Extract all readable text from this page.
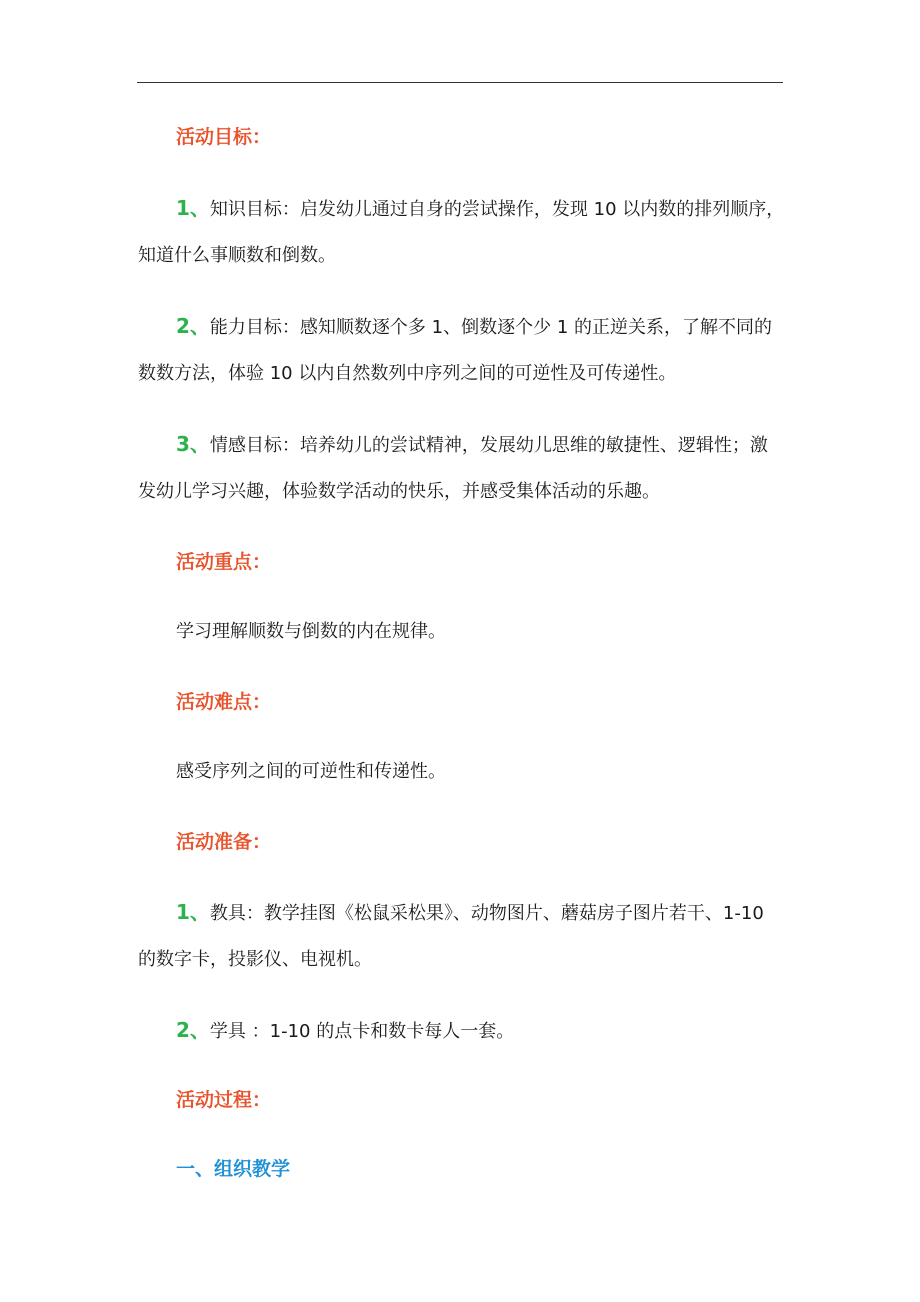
活动目标：
1、知识目标：启发幼儿通过自身的尝试操作，发现 10 以内数的排列顺序，
知道什么事顺数和倒数。
2、能力目标：感知顺数逐个多 1、倒数逐个少 1 的正逆关系，了解不同的
数数方法，体验 10 以内自然数列中序列之间的可逆性及可传递性。
3、情感目标：培养幼儿的尝试精神，发展幼儿思维的敏捷性、逻辑性；激
发幼儿学习兴趣，体验数学活动的快乐，并感受集体活动的乐趣。
活动重点：
学习理解顺数与倒数的内在规律。
活动难点：
感受序列之间的可逆性和传递性。
活动准备：
1、教具：教学挂图《松鼠采松果》、动物图片、蘑菇房子图片若干、1-10
的数字卡，投影仪、电视机。
2、学具 ：1-10 的点卡和数卡每人一套。
活动过程：
一、组织教学
